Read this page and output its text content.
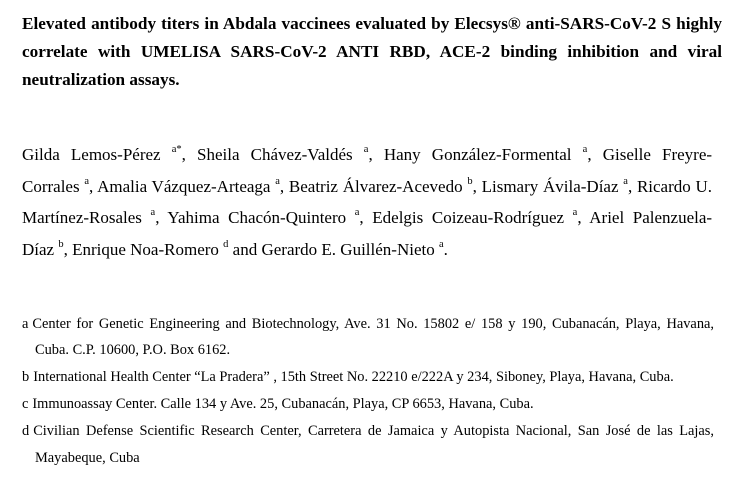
Elevated antibody titers in Abdala vaccinees evaluated by Elecsys® anti-SARS-CoV-2 S highly correlate with UMELISA SARS-CoV-2 ANTI RBD, ACE-2 binding inhibition and viral neutralization assays.
Gilda Lemos-Pérez $^{a*}$, Sheila Chávez-Valdés $^a$, Hany González-Formental $^a$, Giselle Freyre-Corrales $^a$, Amalia Vázquez-Arteaga $^a$, Beatriz Álvarez-Acevedo $^b$, Lismary Ávila-Díaz $^a$, Ricardo U. Martínez-Rosales $^a$, Yahima Chacón-Quintero $^a$, Edelgis Coizeau-Rodríguez $^a$, Ariel Palenzuela-Díaz $^b$, Enrique Noa-Romero $^d$ and Gerardo E. Guillén-Nieto $^a$.
a Center for Genetic Engineering and Biotechnology, Ave. 31 No. 15802 e/ 158 y 190, Cubanacán, Playa, Havana, Cuba. C.P. 10600, P.O. Box 6162.
b International Health Center “La Pradera” , 15th Street No. 22210 e/222A y 234, Siboney, Playa, Havana, Cuba.
c Immunoassay Center. Calle 134 y Ave. 25, Cubanacán, Playa, CP 6653, Havana, Cuba.
d Civilian Defense Scientific Research Center, Carretera de Jamaica y Autopista Nacional, San José de las Lajas, Mayabeque, Cuba
